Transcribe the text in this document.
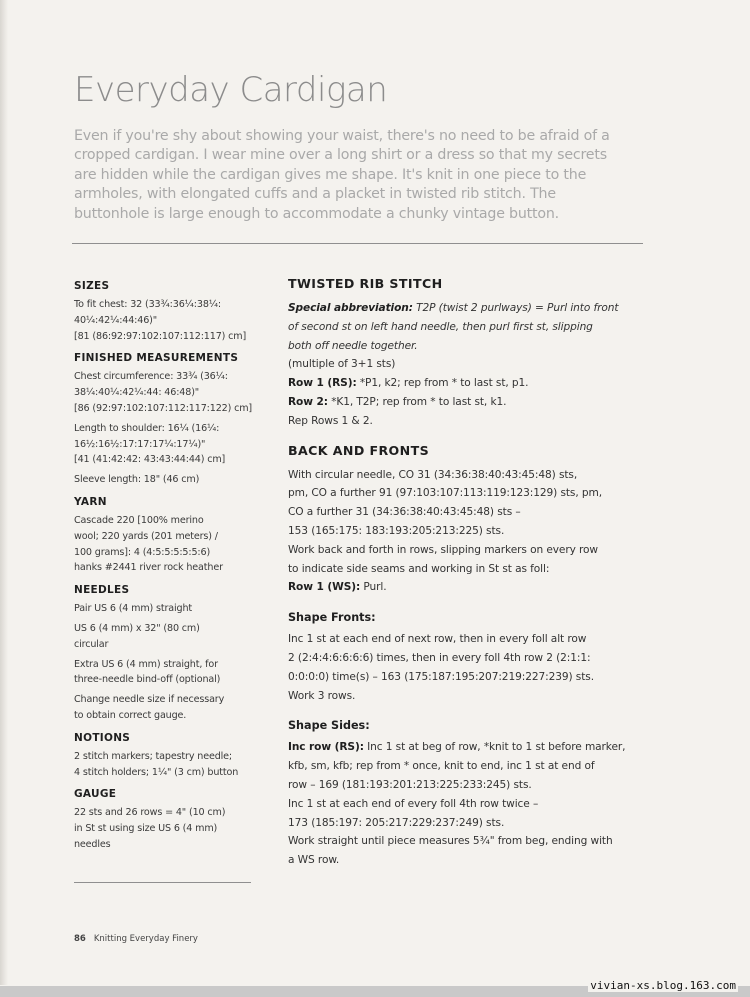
Everyday Cardigan

Even if you're shy about showing your waist, there's no need to be afraid of a
cropped cardigan. I wear mine over a long shirt or a dress so that my secrets
are hidden while the cardigan gives me shape. It's knit in one piece to the
armholes, with elongated cuffs and a placket in twisted rib stitch. The
buttonhole is large enough to accommodate a chunky vintage button.

SIZES

To fit chest: 32 (33¾:36¼:38¼:
40¼:42¼:44:46)"
[81 (86:92:97:102:107:112:117) cm]

FINISHED MEASUREMENTS

Chest circumference: 33¾ (36¼:
38¼:40¼:42¼:44: 46:48)"
[86 (92:97:102:107:112:117:122) cm]

Length to shoulder: 16¼ (16¼:
16½:16½:17:17:17¼:17¼)"
[41 (41:42:42: 43:43:44:44) cm]

Sleeve length: 18" (46 cm)

YARN

Cascade 220 [100% merino
wool; 220 yards (201 meters) /
100 grams]: 4 (4:5:5:5:5:5:6)
hanks #2441 river rock heather

NEEDLES

Pair US 6 (4 mm) straight

US 6 (4 mm) x 32" (80 cm)
circular

Extra US 6 (4 mm) straight, for
three-needle bind-off (optional)

Change needle size if necessary
to obtain correct gauge.

NOTIONS

2 stitch markers; tapestry needle;
4 stitch holders; 1¼" (3 cm) button

GAUGE

22 sts and 26 rows = 4" (10 cm)
in St st using size US 6 (4 mm)
needles

TWISTED RIB STITCH

Special abbreviation: T2P (twist 2 purlways) = Purl into front
of second st on left hand needle, then purl first st, slipping
both off needle together.
(multiple of 3+1 sts)
Row 1 (RS): *P1, k2; rep from * to last st, p1.
Row 2: *K1, T2P; rep from * to last st, k1.
Rep Rows 1 & 2.

BACK AND FRONTS

With circular needle, CO 31 (34:36:38:40:43:45:48) sts,
pm, CO a further 91 (97:103:107:113:119:123:129) sts, pm,
CO a further 31 (34:36:38:40:43:45:48) sts –
153 (165:175: 183:193:205:213:225) sts.
Work back and forth in rows, slipping markers on every row
to indicate side seams and working in St st as foll:
Row 1 (WS): Purl.

Shape Fronts:

Inc 1 st at each end of next row, then in every foll alt row
2 (2:4:4:6:6:6:6) times, then in every foll 4th row 2 (2:1:1:
0:0:0:0) time(s) – 163 (175:187:195:207:219:227:239) sts.
Work 3 rows.

Shape Sides:

Inc row (RS): Inc 1 st at beg of row, *knit to 1 st before marker,
kfb, sm, kfb; rep from * once, knit to end, inc 1 st at end of
row – 169 (181:193:201:213:225:233:245) sts.
Inc 1 st at each end of every foll 4th row twice –
173 (185:197: 205:217:229:237:249) sts.
Work straight until piece measures 5¾" from beg, ending with
a WS row.

86 Knitting Everyday Finery
vivian-xs.blog.163.com
